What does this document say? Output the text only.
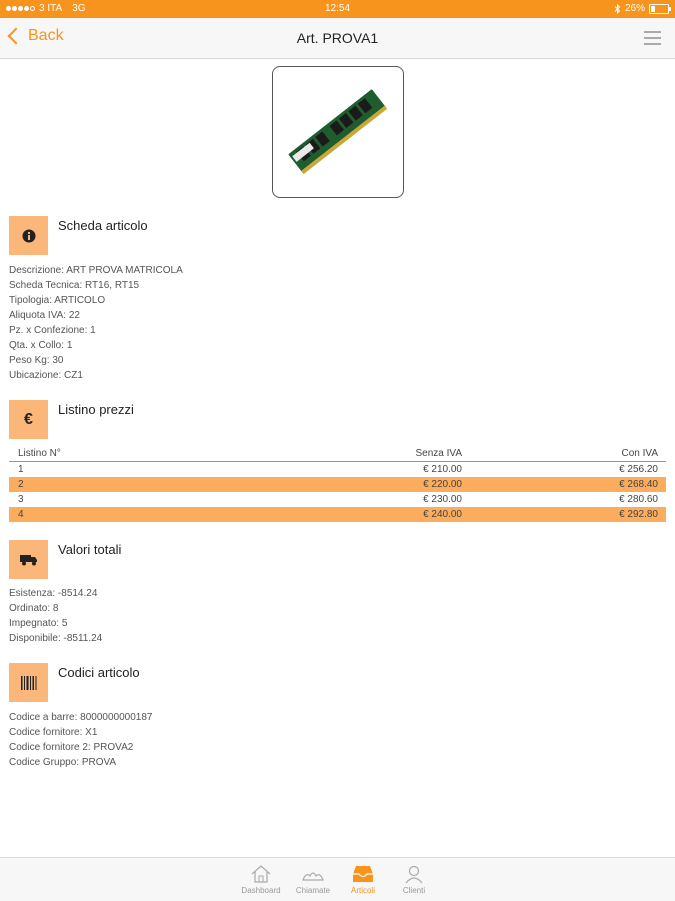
3 ITA 3G	12:54	26%
Back	Art. PROVA1
Scheda articolo
Descrizione: ART PROVA MATRICOLA
Scheda Tecnica: RT16, RT15
Tipologia: ARTICOLO
Aliquota IVA: 22
Pz. x Confezione: 1
Qta. x Collo: 1
Peso Kg: 30
Ubicazione: CZ1
€
Listino prezzi
Listino N°	Senza IVA	Con IVA
1	€ 210.00	€ 256.20
2	€ 220.00	€ 268.40
3	€ 230.00	€ 280.60
4	€ 240.00	€ 292.80
Valori totali
Esistenza: -8514.24
Ordinato: 8
Impegnato: 5
Disponibile: -8511.24
Codici articolo
Codice a barre: 8000000000187
Codice fornitore: X1
Codice fornitore 2: PROVA2
Codice Gruppo: PROVA
Dashboard	Chiamate	Articoli	Clienti
